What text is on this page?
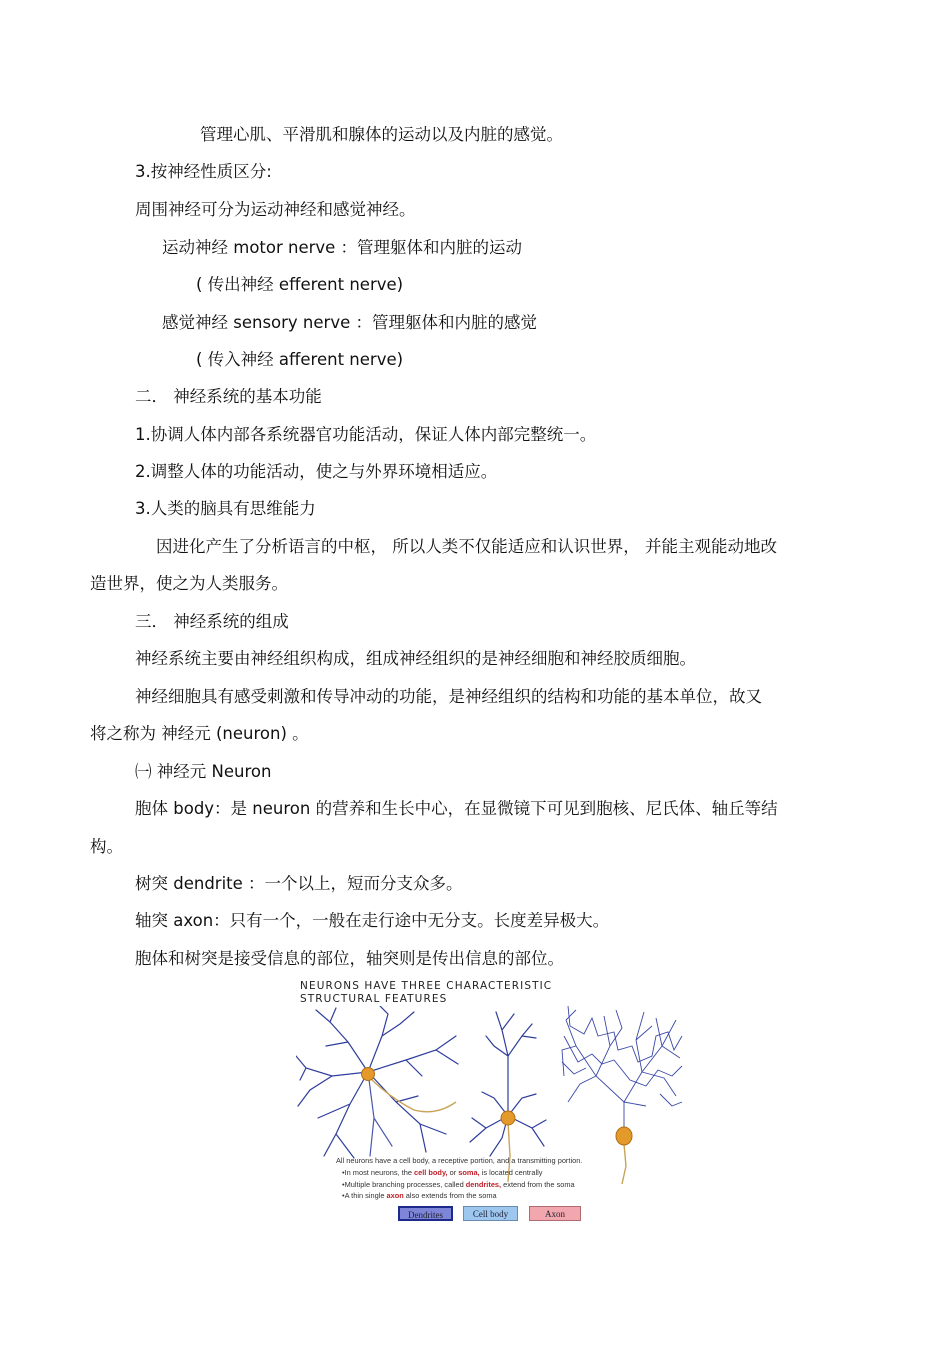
管理心肌、平滑肌和腺体的运动以及内脏的感觉。
3.按神经性质区分:
周围神经可分为运动神经和感觉神经。
运动神经 motor nerve ：管理躯体和内脏的运动
( 传出神经 efferent nerve)
感觉神经 sensory nerve ：管理躯体和内脏的感觉
( 传入神经 afferent nerve)
二． 神经系统的基本功能
1.协调人体内部各系统器官功能活动，保证人体内部完整统一。
2.调整人体的功能活动，使之与外界环境相适应。
3.人类的脑具有思维能力
因进化产生了分析语言的中枢， 所以人类不仅能适应和认识世界， 并能主观能动地改
造世界，使之为人类服务。
三． 神经系统的组成
神经系统主要由神经组织构成，组成神经组织的是神经细胞和神经胶质细胞。
神经细胞具有感受刺激和传导冲动的功能，是神经组织的结构和功能的基本单位，故又
将之称为 神经元 (neuron) 。
㈠ 神经元 Neuron
胞体 body：是 neuron 的营养和生长中心，在显微镜下可见到胞核、尼氏体、轴丘等结
构。
树突 dendrite ：一个以上，短而分支众多。
轴突 axon：只有一个，一般在走行途中无分支。长度差异极大。
胞体和树突是接受信息的部位，轴突则是传出信息的部位。
NEURONS HAVE THREE CHARACTERISTIC
STRUCTURAL FEATURES
All neurons have a cell body, a receptive portion, and a transmitting portion.
•In most neurons, the cell body, or soma, is located centrally
•Multiple branching processes, called dendrites, extend from the soma
•A thin single axon also extends from the soma
Dendrites	Cell body	Axon
